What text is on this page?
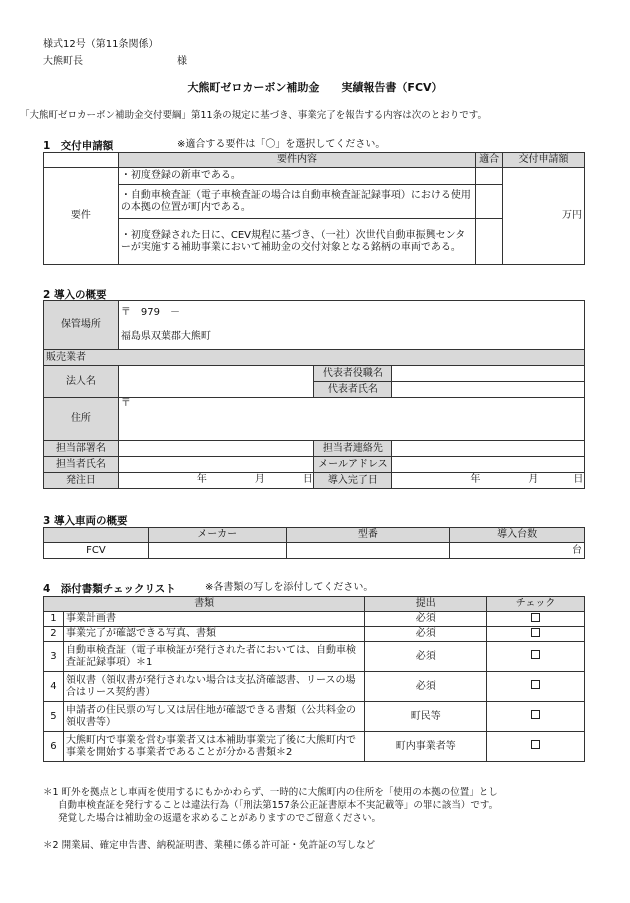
様式12号（第11条関係）
大熊町長	様
大熊町ゼロカーボン補助金　　実績報告書（FCV）
「大熊町ゼロカーボン補助金交付要綱」第11条の規定に基づき、事業完了を報告する内容は次のとおりです。
1　交付申請額	※適合する要件は「〇」を選択してください。
	要件内容	適合	交付申請額
要件	・初度登録の新車である。		万円
	・自動車検査証（電子車検査証の場合は自動車検査証記録事項）における使用の本拠の位置が町内である。		
	・初度登録された日に、CEV規程に基づき、（一社）次世代自動車振興センターが実施する補助事業において補助金の交付対象となる銘柄の車両である。		
2 導入の概要
保管場所	〒　979　－
福島県双葉郡大熊町		

販売業者			
法人名		代表者役職名	
		代表者氏名	
住所	〒		
担当部署名		担当者連絡先	
担当者氏名		メールアドレス	
発注日	年 月 日	導入完了日	年 月 日
3 導入車両の概要
	メーカー	型番	導入台数
FCV			台
4　添付書類チェックリスト	※各書類の写しを添付してください。
書類		提出	チェック
1	事業計画書	必須	
2	事業完了が確認できる写真、書類	必須	
3	自動車検査証（電子車検証が発行された者においては、自動車検査証記録事項）＊1	必須	
4	領収書（領収書が発行されない場合は支払済確認書、リースの場合はリース契約書）	必須	
5	申請者の住民票の写し又は居住地が確認できる書類（公共料金の領収書等）	町民等	
6	大熊町内で事業を営む事業者又は本補助事業完了後に大熊町内で事業を開始する事業者であることが分かる書類＊2	町内事業者等	
＊1 町外を拠点とし車両を使用するにもかかわらず、一時的に大熊町内の住所を「使用の本拠の位置」とし
自動車検査証を発行することは違法行為（「刑法第157条公正証書原本不実記載等」の罪に該当）です。
発覚した場合は補助金の返還を求めることがありますのでご留意ください。
＊2 開業届、確定申告書、納税証明書、業種に係る許可証・免許証の写しなど
